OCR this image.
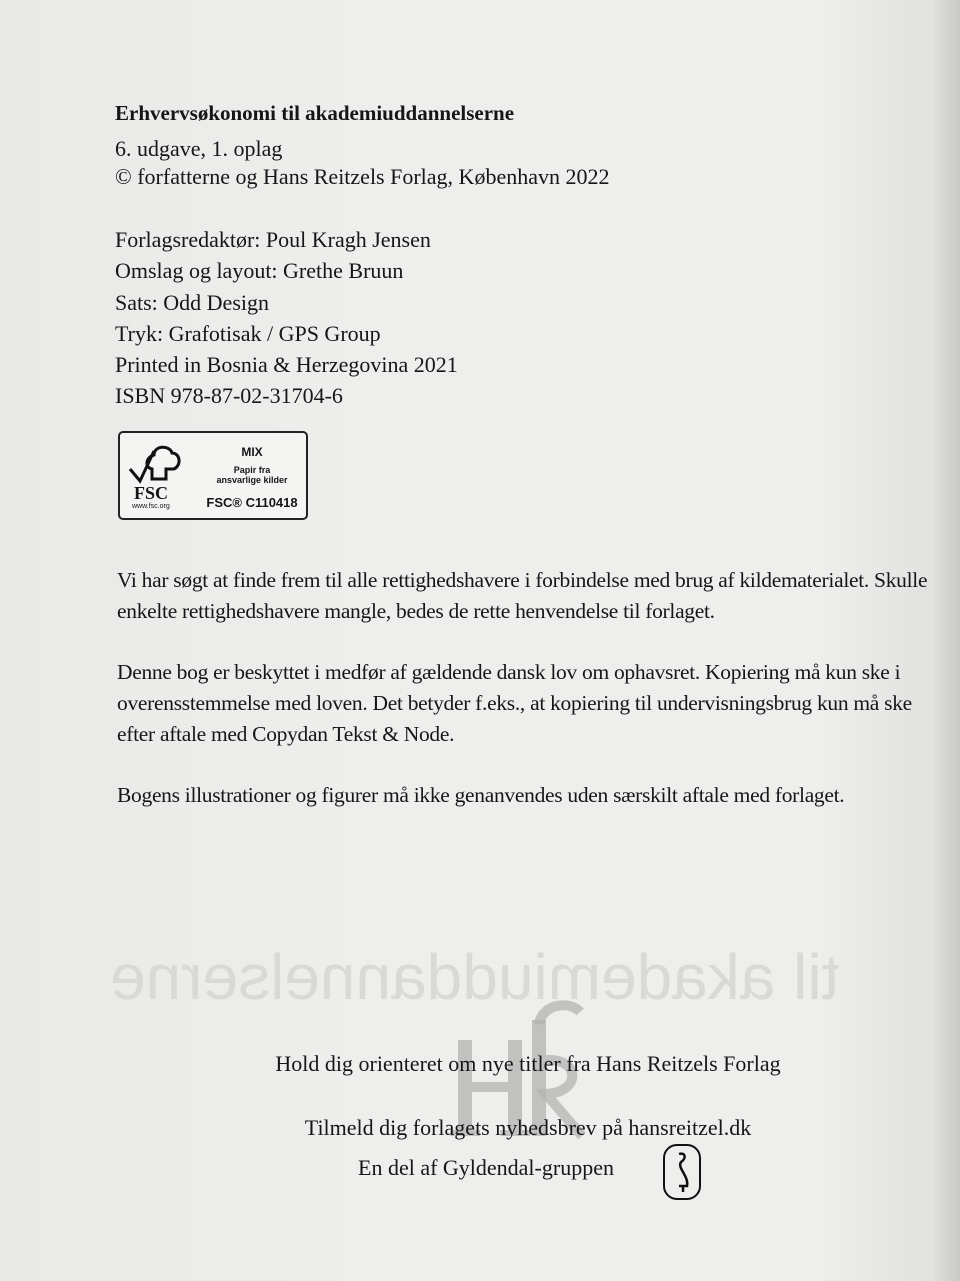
til akademiuddannelserne
Erhvervsøkonomi til akademiuddannelserne
6. udgave, 1. oplag
© forfatterne og Hans Reitzels Forlag, København 2022
Forlagsredaktør: Poul Kragh Jensen
Omslag og layout: Grethe Bruun
Sats: Odd Design
Tryk: Grafotisak / GPS Group
Printed in Bosnia & Herzegovina 2021
ISBN 978-87-02-31704-6
FSC
www.fsc.org
MIX
Papir fra
ansvarlige kilder
FSC® C110418

Vi har søgt at finde frem til alle rettighedshavere i forbindelse med brug af kildematerialet. Skulle enkelte rettighedshavere mangle, bedes de rette henvendelse til forlaget.

Denne bog er beskyttet i medfør af gældende dansk lov om ophavsret. Kopiering må kun ske i overensstemmelse med loven. Det betyder f.eks., at kopiering til undervisningsbrug kun må ske efter aftale med Copydan Tekst & Node.

Bogens illustrationer og figurer må ikke genanvendes uden særskilt aftale med forlaget.

Hold dig orienteret om nye titler fra Hans Reitzels Forlag
Tilmeld dig forlagets nyhedsbrev på hansreitzel.dk
En del af Gyldendal-gruppen
